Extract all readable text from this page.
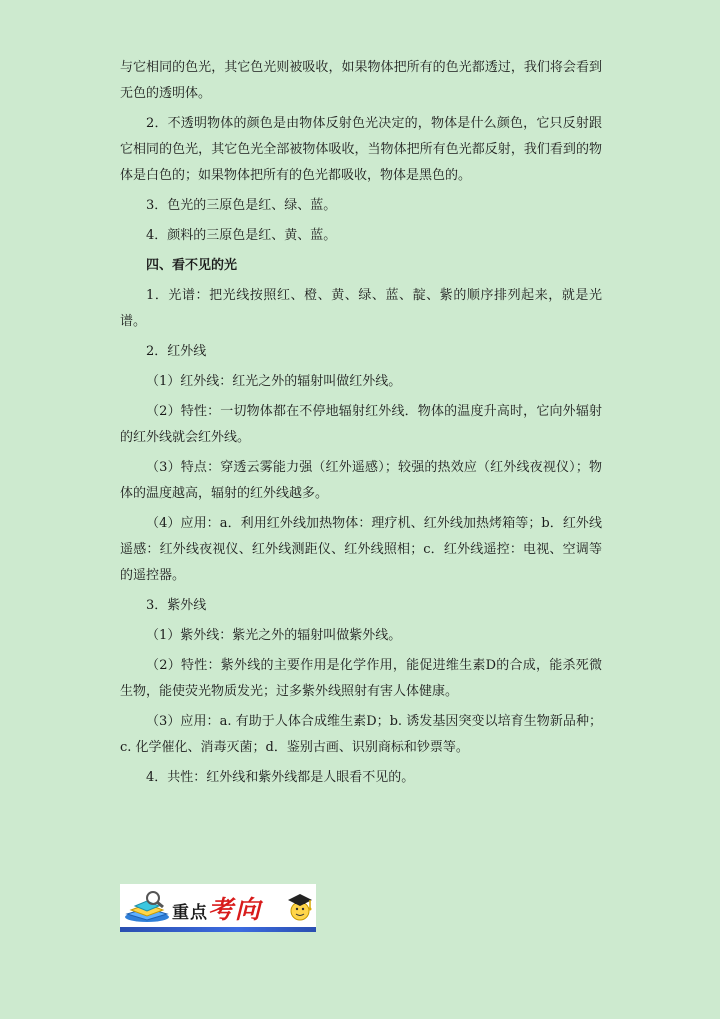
与它相同的色光，其它色光则被吸收，如果物体把所有的色光都透过，我们将会看到无色的透明体。

2．不透明物体的颜色是由物体反射色光决定的，物体是什么颜色，它只反射跟它相同的色光，其它色光全部被物体吸收，当物体把所有色光都反射，我们看到的物体是白色的；如果物体把所有的色光都吸收，物体是黑色的。

3．色光的三原色是红、绿、蓝。

4．颜料的三原色是红、黄、蓝。

四、看不见的光

1．光谱：把光线按照红、橙、黄、绿、蓝、靛、紫的顺序排列起来，就是光谱。

2．红外线

（1）红外线：红光之外的辐射叫做红外线。

（2）特性：一切物体都在不停地辐射红外线．物体的温度升高时，它向外辐射的红外线就会红外线。

（3）特点：穿透云雾能力强（红外遥感）；较强的热效应（红外线夜视仪）；物体的温度越高，辐射的红外线越多。

（4）应用：a．利用红外线加热物体：理疗机、红外线加热烤箱等；b．红外线遥感：红外线夜视仪、红外线测距仪、红外线照相；c．红外线遥控：电视、空调等的遥控器。

3．紫外线

（1）紫外线：紫光之外的辐射叫做紫外线。

（2）特性：紫外线的主要作用是化学作用，能促进维生素D的合成，能杀死微生物，能使荧光物质发光；过多紫外线照射有害人体健康。

（3）应用：a. 有助于人体合成维生素D；b. 诱发基因突变以培育生物新品种；c. 化学催化、消毒灭菌；d．鉴别古画、识别商标和钞票等。

4．共性：红外线和紫外线都是人眼看不见的。

重点考向
